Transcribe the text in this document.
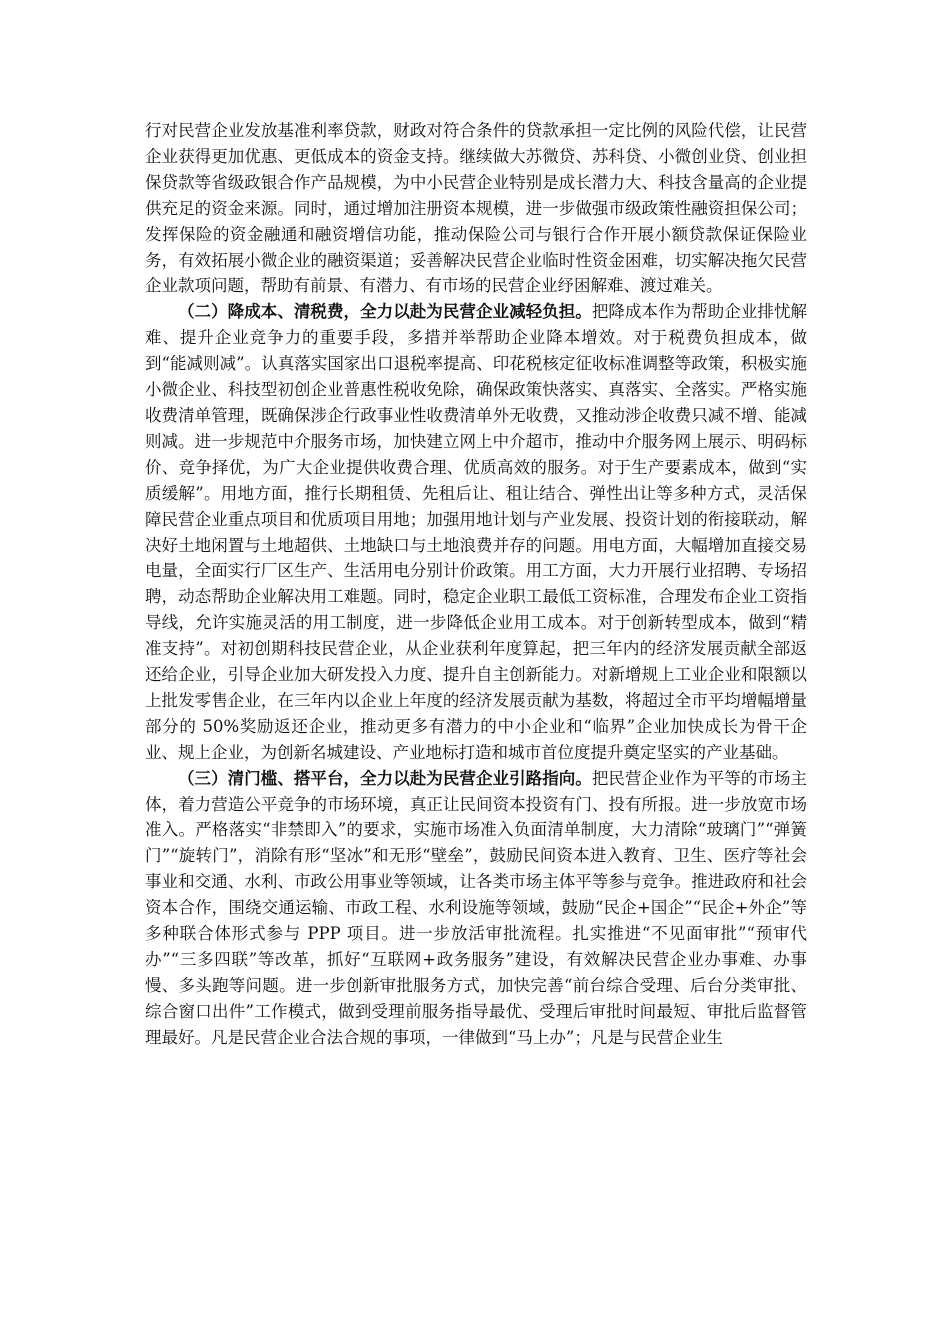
行对民营企业发放基准利率贷款，财政对符合条件的贷款承担一定比例的风险代偿，让民营企业获得更加优惠、更低成本的资金支持。继续做大苏微贷、苏科贷、小微创业贷、创业担保贷款等省级政银合作产品规模，为中小民营企业特别是成长潜力大、科技含量高的企业提供充足的资金来源。同时，通过增加注册资本规模，进一步做强市级政策性融资担保公司；发挥保险的资金融通和融资增信功能，推动保险公司与银行合作开展小额贷款保证保险业务，有效拓展小微企业的融资渠道；妥善解决民营企业临时性资金困难，切实解决拖欠民营企业款项问题，帮助有前景、有潜力、有市场的民营企业纾困解难、渡过难关。

（二）降成本、清税费，全力以赴为民营企业减轻负担。把降成本作为帮助企业排忧解难、提升企业竞争力的重要手段，多措并举帮助企业降本增效。对于税费负担成本，做到“能减则减”。认真落实国家出口退税率提高、印花税核定征收标准调整等政策，积极实施小微企业、科技型初创企业普惠性税收免除，确保政策快落实、真落实、全落实。严格实施收费清单管理，既确保涉企行政事业性收费清单外无收费，又推动涉企收费只减不增、能减则减。进一步规范中介服务市场，加快建立网上中介超市，推动中介服务网上展示、明码标价、竞争择优，为广大企业提供收费合理、优质高效的服务。对于生产要素成本，做到“实质缓解”。用地方面，推行长期租赁、先租后让、租让结合、弹性出让等多种方式，灵活保障民营企业重点项目和优质项目用地；加强用地计划与产业发展、投资计划的衔接联动，解决好土地闲置与土地超供、土地缺口与土地浪费并存的问题。用电方面，大幅增加直接交易电量，全面实行厂区生产、生活用电分别计价政策。用工方面，大力开展行业招聘、专场招聘，动态帮助企业解决用工难题。同时，稳定企业职工最低工资标准，合理发布企业工资指导线，允许实施灵活的用工制度，进一步降低企业用工成本。对于创新转型成本，做到“精准支持”。对初创期科技民营企业，从企业获利年度算起，把三年内的经济发展贡献全部返还给企业，引导企业加大研发投入力度、提升自主创新能力。对新增规上工业企业和限额以上批发零售企业，在三年内以企业上年度的经济发展贡献为基数，将超过全市平均增幅增量部分的 50%奖励返还企业，推动更多有潜力的中小企业和“临界”企业加快成长为骨干企业、规上企业，为创新名城建设、产业地标打造和城市首位度提升奠定坚实的产业基础。

（三）清门槛、搭平台，全力以赴为民营企业引路指向。把民营企业作为平等的市场主体，着力营造公平竞争的市场环境，真正让民间资本投资有门、投有所报。进一步放宽市场准入。严格落实“非禁即入”的要求，实施市场准入负面清单制度，大力清除“玻璃门”“弹簧门”“旋转门”，消除有形“坚冰”和无形“壁垒”，鼓励民间资本进入教育、卫生、医疗等社会事业和交通、水利、市政公用事业等领域，让各类市场主体平等参与竞争。推进政府和社会资本合作，围绕交通运输、市政工程、水利设施等领域，鼓励“民企+国企”“民企+外企”等多种联合体形式参与 PPP 项目。进一步放活审批流程。扎实推进“不见面审批”“预审代办”“三多四联”等改革，抓好“互联网+政务服务”建设，有效解决民营企业办事难、办事慢、多头跑等问题。进一步创新审批服务方式，加快完善“前台综合受理、后台分类审批、综合窗口出件”工作模式，做到受理前服务指导最优、受理后审批时间最短、审批后监督管理最好。凡是民营企业合法合规的事项，一律做到“马上办”；凡是与民营企业生
